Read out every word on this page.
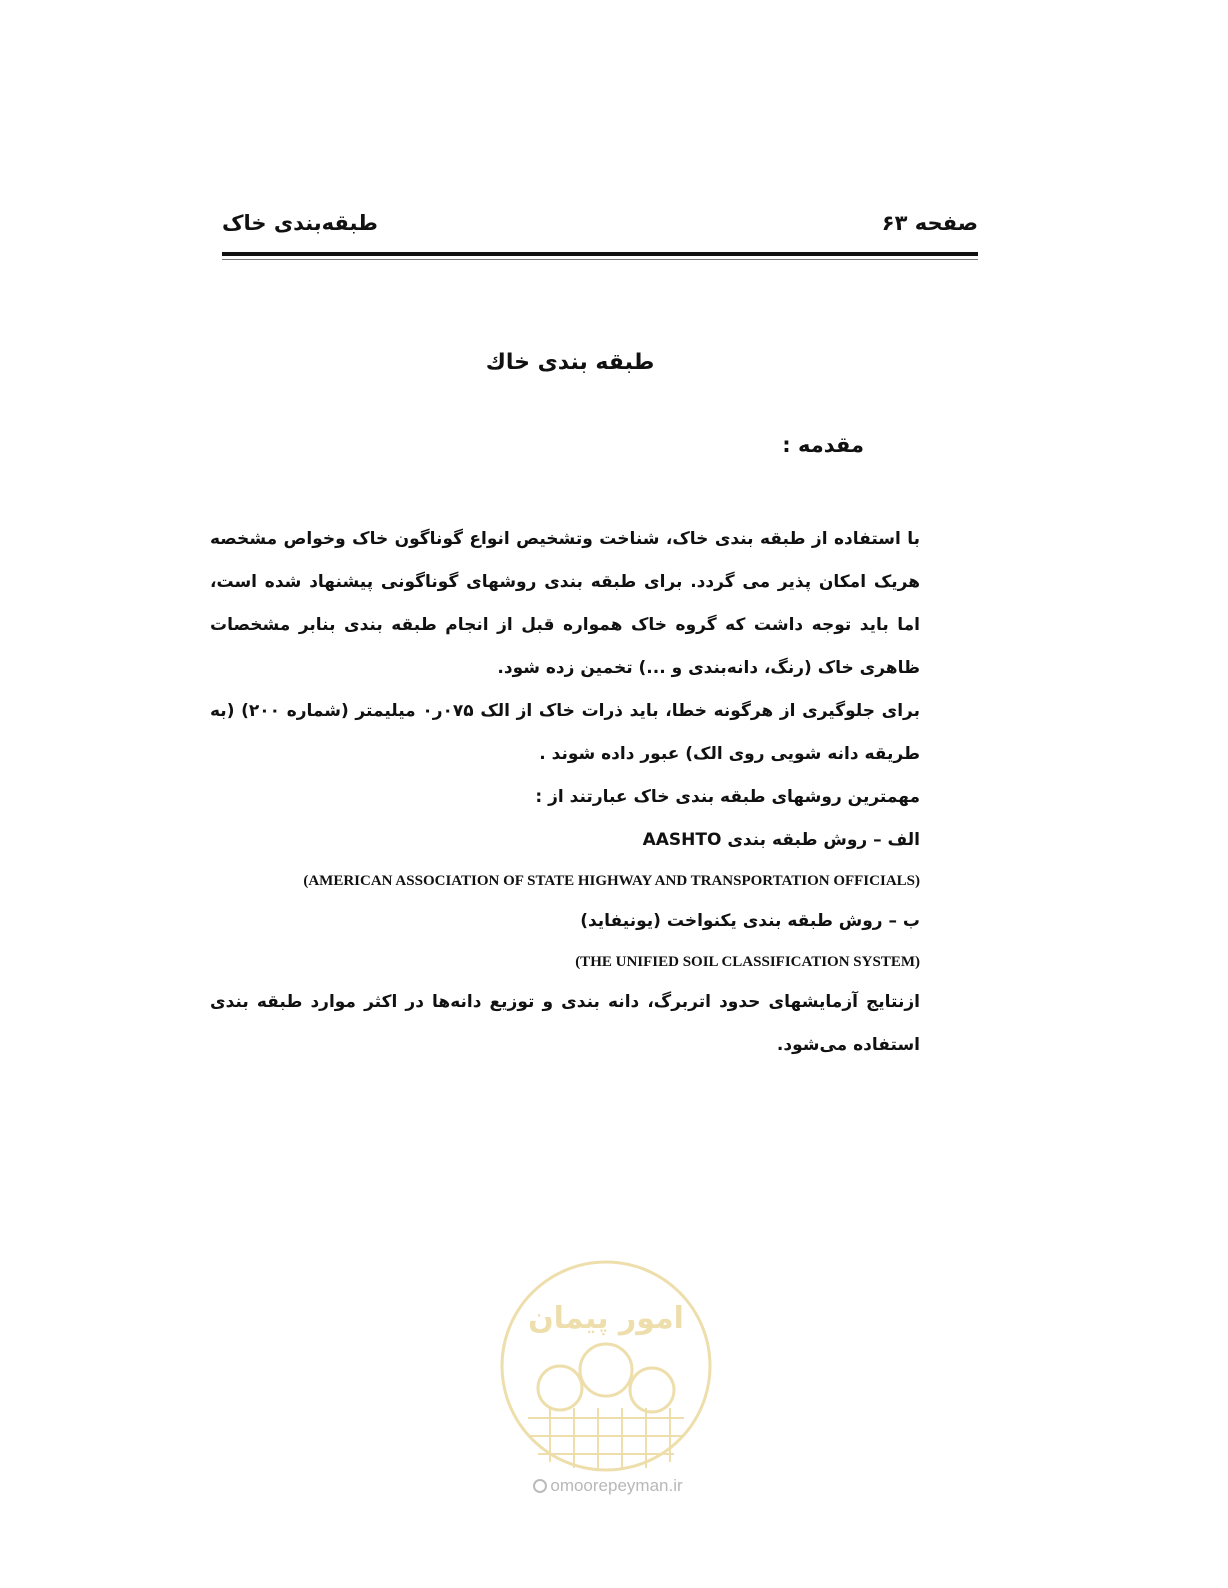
صفحه ۶۳
طبقه‌بندی خاک
طبقه بندی خاك
مقدمه :

با استفاده از طبقه بندی خاک، شناخت وتشخیص انواع گوناگون خاک وخواص مشخصه هریک امکان پذیر می گردد. برای طبقه بندی روشهای گوناگونی پیشنهاد شده است، اما باید توجه داشت که گروه خاک همواره قبل از انجام طبقه بندی بنابر مشخصات ظاهری خاک (رنگ، دانه‌بندی و ...) تخمین زده شود.

برای جلوگیری از هرگونه خطا، باید ذرات خاک از الک ۰۷۵ر۰ میلیمتر (شماره ۲۰۰) (به طریقه دانه شویی روی الک) عبور داده شوند .

مهمترین روشهای طبقه بندی خاک عبارتند از :

الف – روش طبقه بندی AASHTO

(AMERICAN ASSOCIATION OF STATE HIGHWAY AND TRANSPORTATION OFFICIALS)

ب – روش طبقه بندی یکنواخت (یونیفاید)

(THE UNIFIED SOIL CLASSIFICATION SYSTEM)

ازنتایج آزمایشهای حدود اتربرگ، دانه بندی و توزیع دانه‌ها در اکثر موارد طبقه بندی استفاده می‌شود.

امور پیمان
omoorepeyman.ir
